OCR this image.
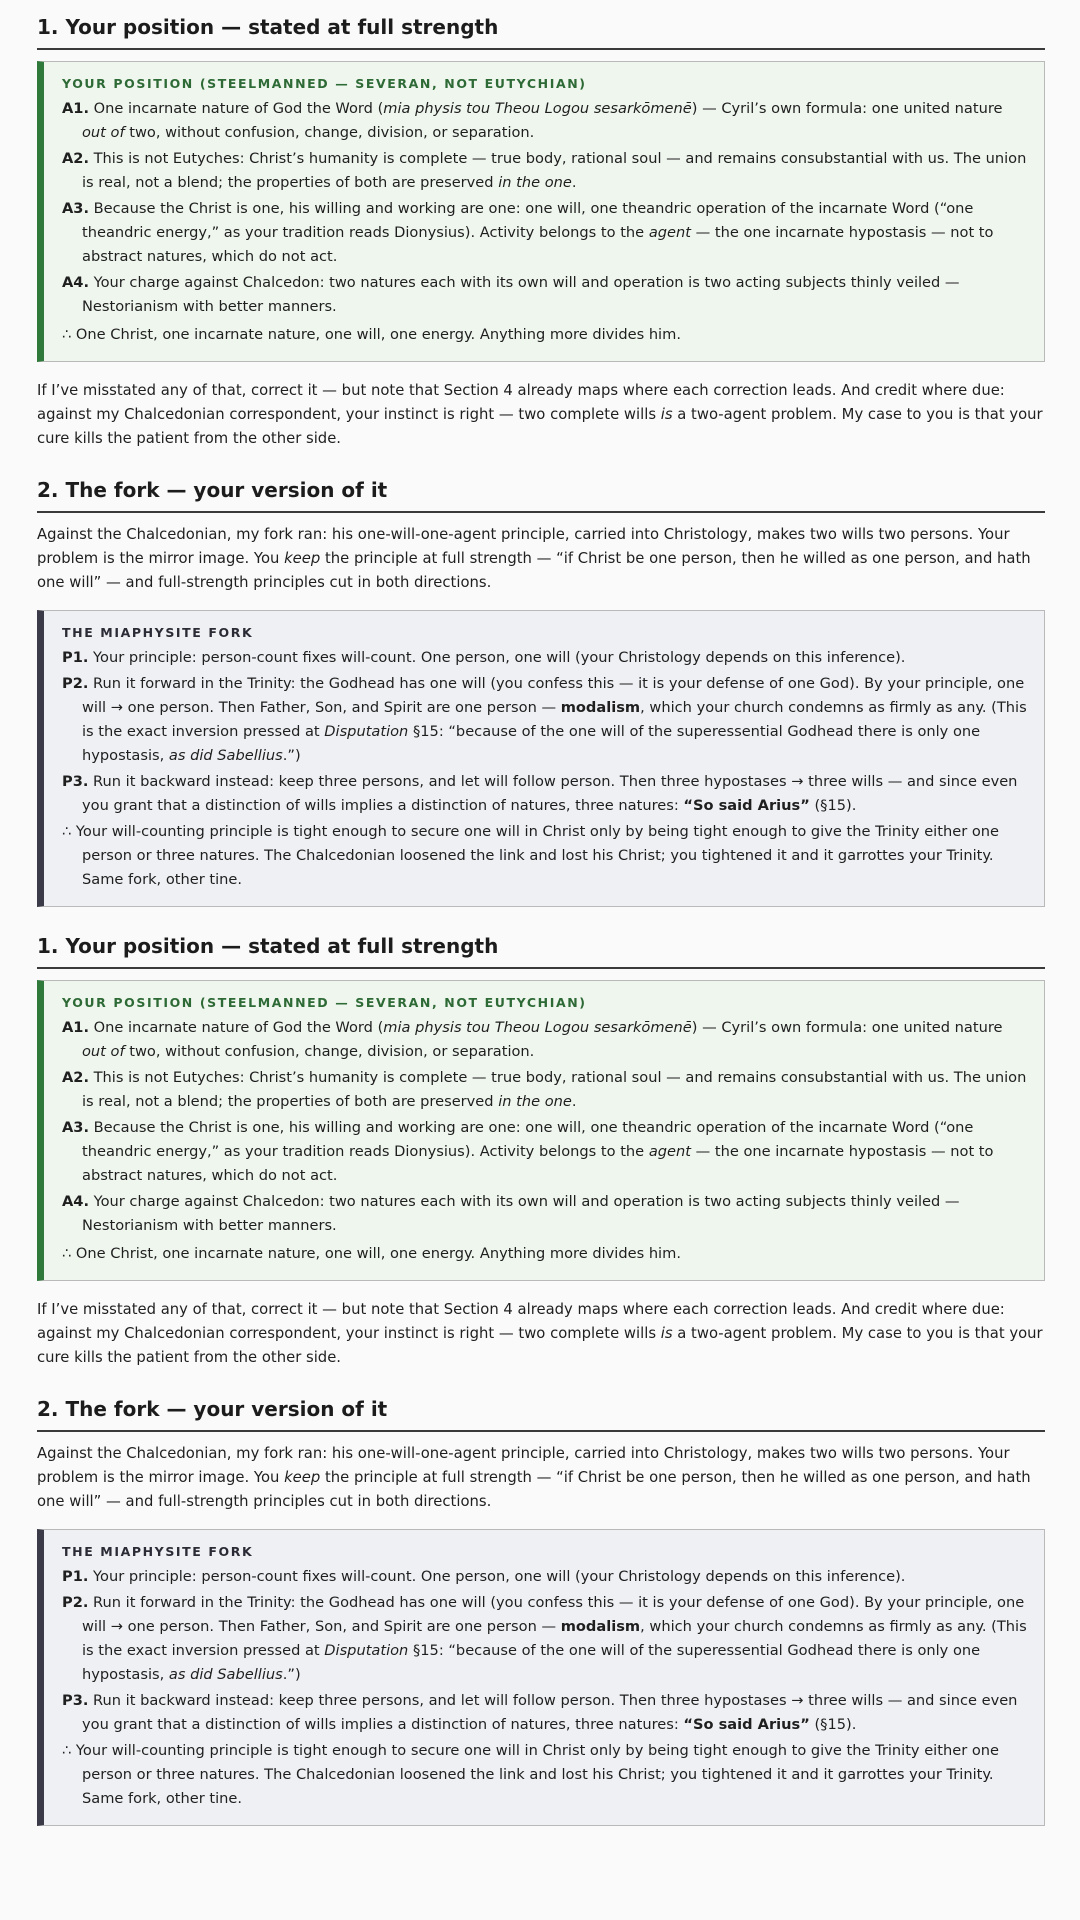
1. Your position — stated at full strength
YOUR POSITION (STEELMANNED — SEVERAN, NOT EUTYCHIAN)
A1. One incarnate nature of God the Word (mia physis tou Theou Logou sesarkōmenē) — Cyril’s own formula: one united nature out of two, without confusion, change, division, or separation.
A2. This is not Eutyches: Christ’s humanity is complete — true body, rational soul — and remains consubstantial with us. The union is real, not a blend; the properties of both are preserved in the one.
A3. Because the Christ is one, his willing and working are one: one will, one theandric operation of the incarnate Word (“one theandric energy,” as your tradition reads Dionysius). Activity belongs to the agent — the one incarnate hypostasis — not to abstract natures, which do not act.
A4. Your charge against Chalcedon: two natures each with its own will and operation is two acting subjects thinly veiled — Nestorianism with better manners.
∴ One Christ, one incarnate nature, one will, one energy. Anything more divides him.

If I’ve misstated any of that, correct it — but note that Section 4 already maps where each correction leads. And credit where due: against my Chalcedonian correspondent, your instinct is right — two complete wills is a two-agent problem. My case to you is that your cure kills the patient from the other side.

2. The fork — your version of it

Against the Chalcedonian, my fork ran: his one-will-one-agent principle, carried into Christology, makes two wills two persons. Your problem is the mirror image. You keep the principle at full strength — “if Christ be one person, then he willed as one person, and hath one will” — and full-strength principles cut in both directions.

THE MIAPHYSITE FORK
P1. Your principle: person-count fixes will-count. One person, one will (your Christology depends on this inference).
P2. Run it forward in the Trinity: the Godhead has one will (you confess this — it is your defense of one God). By your principle, one will → one person. Then Father, Son, and Spirit are one person — modalism, which your church condemns as firmly as any. (This is the exact inversion pressed at Disputation §15: “because of the one will of the superessential Godhead there is only one hypostasis, as did Sabellius.”)
P3. Run it backward instead: keep three persons, and let will follow person. Then three hypostases → three wills — and since even you grant that a distinction of wills implies a distinction of natures, three natures: “So said Arius” (§15).
∴ Your will-counting principle is tight enough to secure one will in Christ only by being tight enough to give the Trinity either one person or three natures. The Chalcedonian loosened the link and lost his Christ; you tightened it and it garrottes your Trinity. Same fork, other tine.
1. Your position — stated at full strength
YOUR POSITION (STEELMANNED — SEVERAN, NOT EUTYCHIAN)
A1. One incarnate nature of God the Word (mia physis tou Theou Logou sesarkōmenē) — Cyril’s own formula: one united nature out of two, without confusion, change, division, or separation.
A2. This is not Eutyches: Christ’s humanity is complete — true body, rational soul — and remains consubstantial with us. The union is real, not a blend; the properties of both are preserved in the one.
A3. Because the Christ is one, his willing and working are one: one will, one theandric operation of the incarnate Word (“one theandric energy,” as your tradition reads Dionysius). Activity belongs to the agent — the one incarnate hypostasis — not to abstract natures, which do not act.
A4. Your charge against Chalcedon: two natures each with its own will and operation is two acting subjects thinly veiled — Nestorianism with better manners.
∴ One Christ, one incarnate nature, one will, one energy. Anything more divides him.

If I’ve misstated any of that, correct it — but note that Section 4 already maps where each correction leads. And credit where due: against my Chalcedonian correspondent, your instinct is right — two complete wills is a two-agent problem. My case to you is that your cure kills the patient from the other side.

2. The fork — your version of it

Against the Chalcedonian, my fork ran: his one-will-one-agent principle, carried into Christology, makes two wills two persons. Your problem is the mirror image. You keep the principle at full strength — “if Christ be one person, then he willed as one person, and hath one will” — and full-strength principles cut in both directions.

THE MIAPHYSITE FORK
P1. Your principle: person-count fixes will-count. One person, one will (your Christology depends on this inference).
P2. Run it forward in the Trinity: the Godhead has one will (you confess this — it is your defense of one God). By your principle, one will → one person. Then Father, Son, and Spirit are one person — modalism, which your church condemns as firmly as any. (This is the exact inversion pressed at Disputation §15: “because of the one will of the superessential Godhead there is only one hypostasis, as did Sabellius.”)
P3. Run it backward instead: keep three persons, and let will follow person. Then three hypostases → three wills — and since even you grant that a distinction of wills implies a distinction of natures, three natures: “So said Arius” (§15).
∴ Your will-counting principle is tight enough to secure one will in Christ only by being tight enough to give the Trinity either one person or three natures. The Chalcedonian loosened the link and lost his Christ; you tightened it and it garrottes your Trinity. Same fork, other tine.
